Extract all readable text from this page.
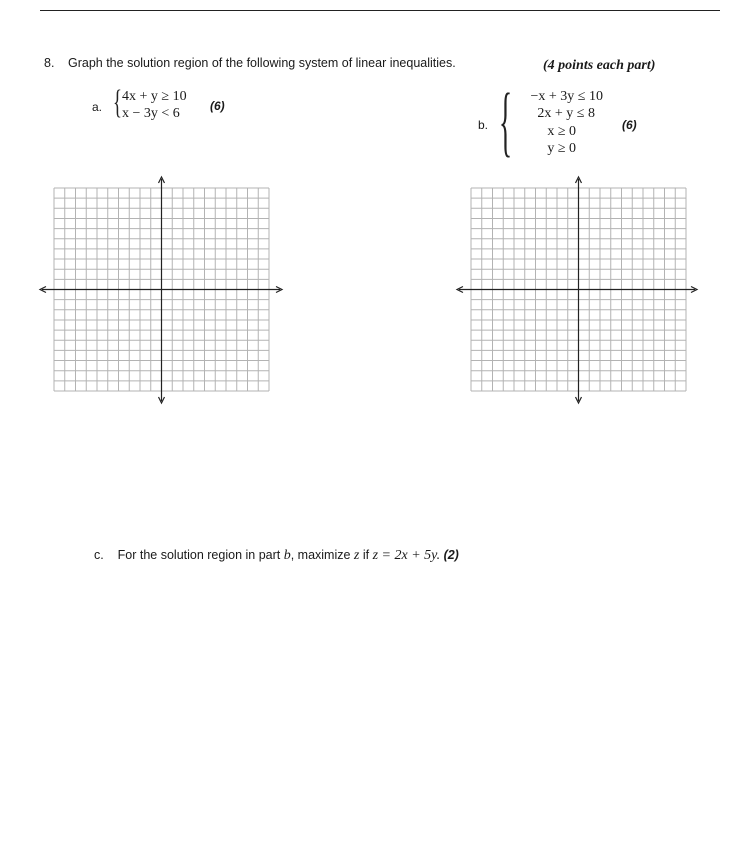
8. Graph the solution region of the following system of linear inequalities.	(4 points each part)
a. { 4x + y ≥ 10
x − 3y < 6	(6)
b. {	−x + 3y ≤ 10
2x + y ≤ 8
x ≥ 0
y ≥ 0
(6)
c. For the solution region in part b, maximize z if z = 2x + 5y. (2)
